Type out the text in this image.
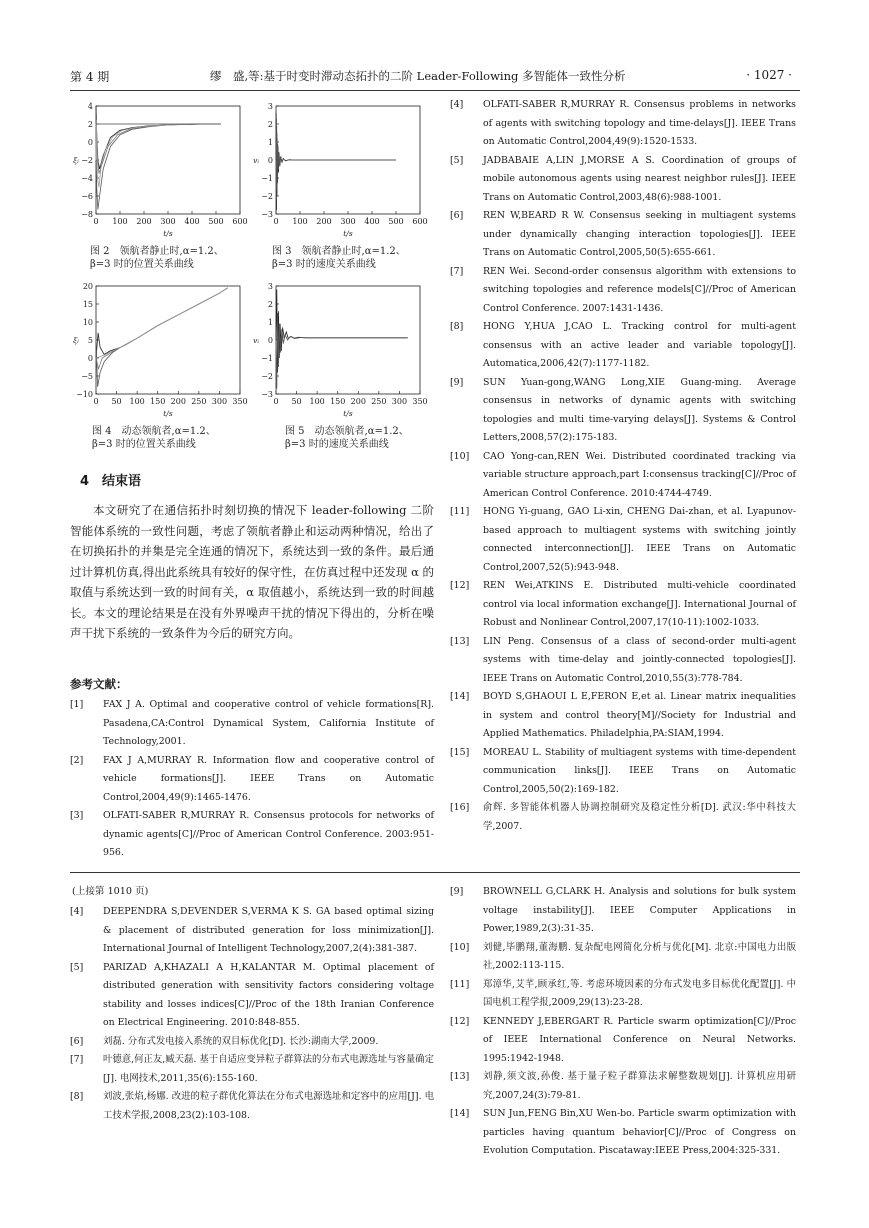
第 4 期	缪　盛,等:基于时变时滞动态拓扑的二阶 Leader-Following 多智能体一致性分析	· 1027 ·
0 100 200 300 400 500 600
4
2
0
−2
−4
−6
−8
t/s
ξᵢ
图 2　领航者静止时,α=1.2、
β=3 时的位置关系曲线
0 100 200 300 400 500 600
3
2
1
0
−1
−2
−3
t/s
vᵢ
图 3　领航者静止时,α=1.2、
β=3 时的速度关系曲线
0 50 100 150 200 250 300 350
20
15
10
5
0
−5
−10
t/s
ξᵢ
图 4　动态领航者,α=1.2、
β=3 时的位置关系曲线
0 50 100 150 200 250 300 350
3
2
1
0
−1
−2
−3
t/s
vᵢ
图 5　动态领航者,α=1.2、
β=3 时的速度关系曲线
4　结束语

本文研究了在通信拓扑时刻切换的情况下 leader-following 二阶智能体系统的一致性问题，考虑了领航者静止和运动两种情况，给出了在切换拓扑的并集是完全连通的情况下，系统达到一致的条件。最后通过计算机仿真,得出此系统具有较好的保守性，在仿真过程中还发现 α 的取值与系统达到一致的时间有关，α 取值越小，系统达到一致的时间越长。本文的理论结果是在没有外界噪声干扰的情况下得出的，分析在噪声干扰下系统的一致条件为今后的研究方向。

参考文献：
[1] FAX J A. Optimal and cooperative control of vehicle formations[R]. Pasadena,CA:Control Dynamical System, California Institute of Technology,2001.
[2] FAX J A,MURRAY R. Information flow and cooperative control of vehicle formations[J]. IEEE Trans on Automatic Control,2004,49(9):1465-1476.
[3] OLFATI-SABER R,MURRAY R. Consensus protocols for networks of dynamic agents[C]//Proc of American Control Conference. 2003:951-956.
[4] OLFATI-SABER R,MURRAY R. Consensus problems in networks of agents with switching topology and time-delays[J]. IEEE Trans on Automatic Control,2004,49(9):1520-1533.
[5] JADBABAIE A,LIN J,MORSE A S. Coordination of groups of mobile autonomous agents using nearest neighbor rules[J]. IEEE Trans on Automatic Control,2003,48(6):988-1001.
[6] REN W,BEARD R W. Consensus seeking in multiagent systems under dynamically changing interaction topologies[J]. IEEE Trans on Automatic Control,2005,50(5):655-661.
[7] REN Wei. Second-order consensus algorithm with extensions to switching topologies and reference models[C]//Proc of American Control Conference. 2007:1431-1436.
[8] HONG Y,HUA J,CAO L. Tracking control for multi-agent consensus with an active leader and variable topology[J]. Automatica,2006,42(7):1177-1182.
[9] SUN Yuan-gong,WANG Long,XIE Guang-ming. Average consensus in networks of dynamic agents with switching topologies and multi time-varying delays[J]. Systems & Control Letters,2008,57(2):175-183.
[10] CAO Yong-can,REN Wei. Distributed coordinated tracking via variable structure approach,part I:consensus tracking[C]//Proc of American Control Conference. 2010:4744-4749.
[11] HONG Yi-guang, GAO Li-xin, CHENG Dai-zhan, et al. Lyapunov-based approach to multiagent systems with switching jointly connected interconnection[J]. IEEE Trans on Automatic Control,2007,52(5):943-948.
[12] REN Wei,ATKINS E. Distributed multi-vehicle coordinated control via local information exchange[J]. International Journal of Robust and Nonlinear Control,2007,17(10-11):1002-1033.
[13] LIN Peng. Consensus of a class of second-order multi-agent systems with time-delay and jointly-connected topologies[J]. IEEE Trans on Automatic Control,2010,55(3):778-784.
[14] BOYD S,GHAOUI L E,FERON E,et al. Linear matrix inequalities in system and control theory[M]//Society for Industrial and Applied Mathematics. Philadelphia,PA:SIAM,1994.
[15] MOREAU L. Stability of multiagent systems with time-dependent communication links[J]. IEEE Trans on Automatic Control,2005,50(2):169-182.
[16] 俞辉. 多智能体机器人协调控制研究及稳定性分析[D]. 武汉:华中科技大学,2007.
(上接第 1010 页)
[4] DEEPENDRA S,DEVENDER S,VERMA K S. GA based optimal sizing & placement of distributed generation for loss minimization[J]. International Journal of Intelligent Technology,2007,2(4):381-387.
[5] PARIZAD A,KHAZALI A H,KALANTAR M. Optimal placement of distributed generation with sensitivity factors considering voltage stability and losses indices[C]//Proc of the 18th Iranian Conference on Electrical Engineering. 2010:848-855.
[6] 刘磊. 分布式发电接入系统的双目标优化[D]. 长沙:湖南大学,2009.
[7] 叶德意,何正友,臧天磊. 基于自适应变异粒子群算法的分布式电源选址与容量确定[J]. 电网技术,2011,35(6):155-160.
[8] 刘波,张焰,杨娜. 改进的粒子群优化算法在分布式电源选址和定容中的应用[J]. 电工技术学报,2008,23(2):103-108.
[9] BROWNELL G,CLARK H. Analysis and solutions for bulk system voltage instability[J]. IEEE Computer Applications in Power,1989,2(3):31-35.
[10] 刘健,毕鹏翔,董海鹏. 复杂配电网简化分析与优化[M]. 北京:中国电力出版社,2002:113-115.
[11] 郑漳华,艾芊,顾承红,等. 考虑环境因素的分布式发电多目标优化配置[J]. 中国电机工程学报,2009,29(13):23-28.
[12] KENNEDY J,EBERGART R. Particle swarm optimization[C]//Proc of IEEE International Conference on Neural Networks. 1995:1942-1948.
[13] 刘静,须文波,孙俊. 基于量子粒子群算法求解整数规划[J]. 计算机应用研究,2007,24(3):79-81.
[14] SUN Jun,FENG Bin,XU Wen-bo. Particle swarm optimization with particles having quantum behavior[C]//Proc of Congress on Evolution Computation. Piscataway:IEEE Press,2004:325-331.
